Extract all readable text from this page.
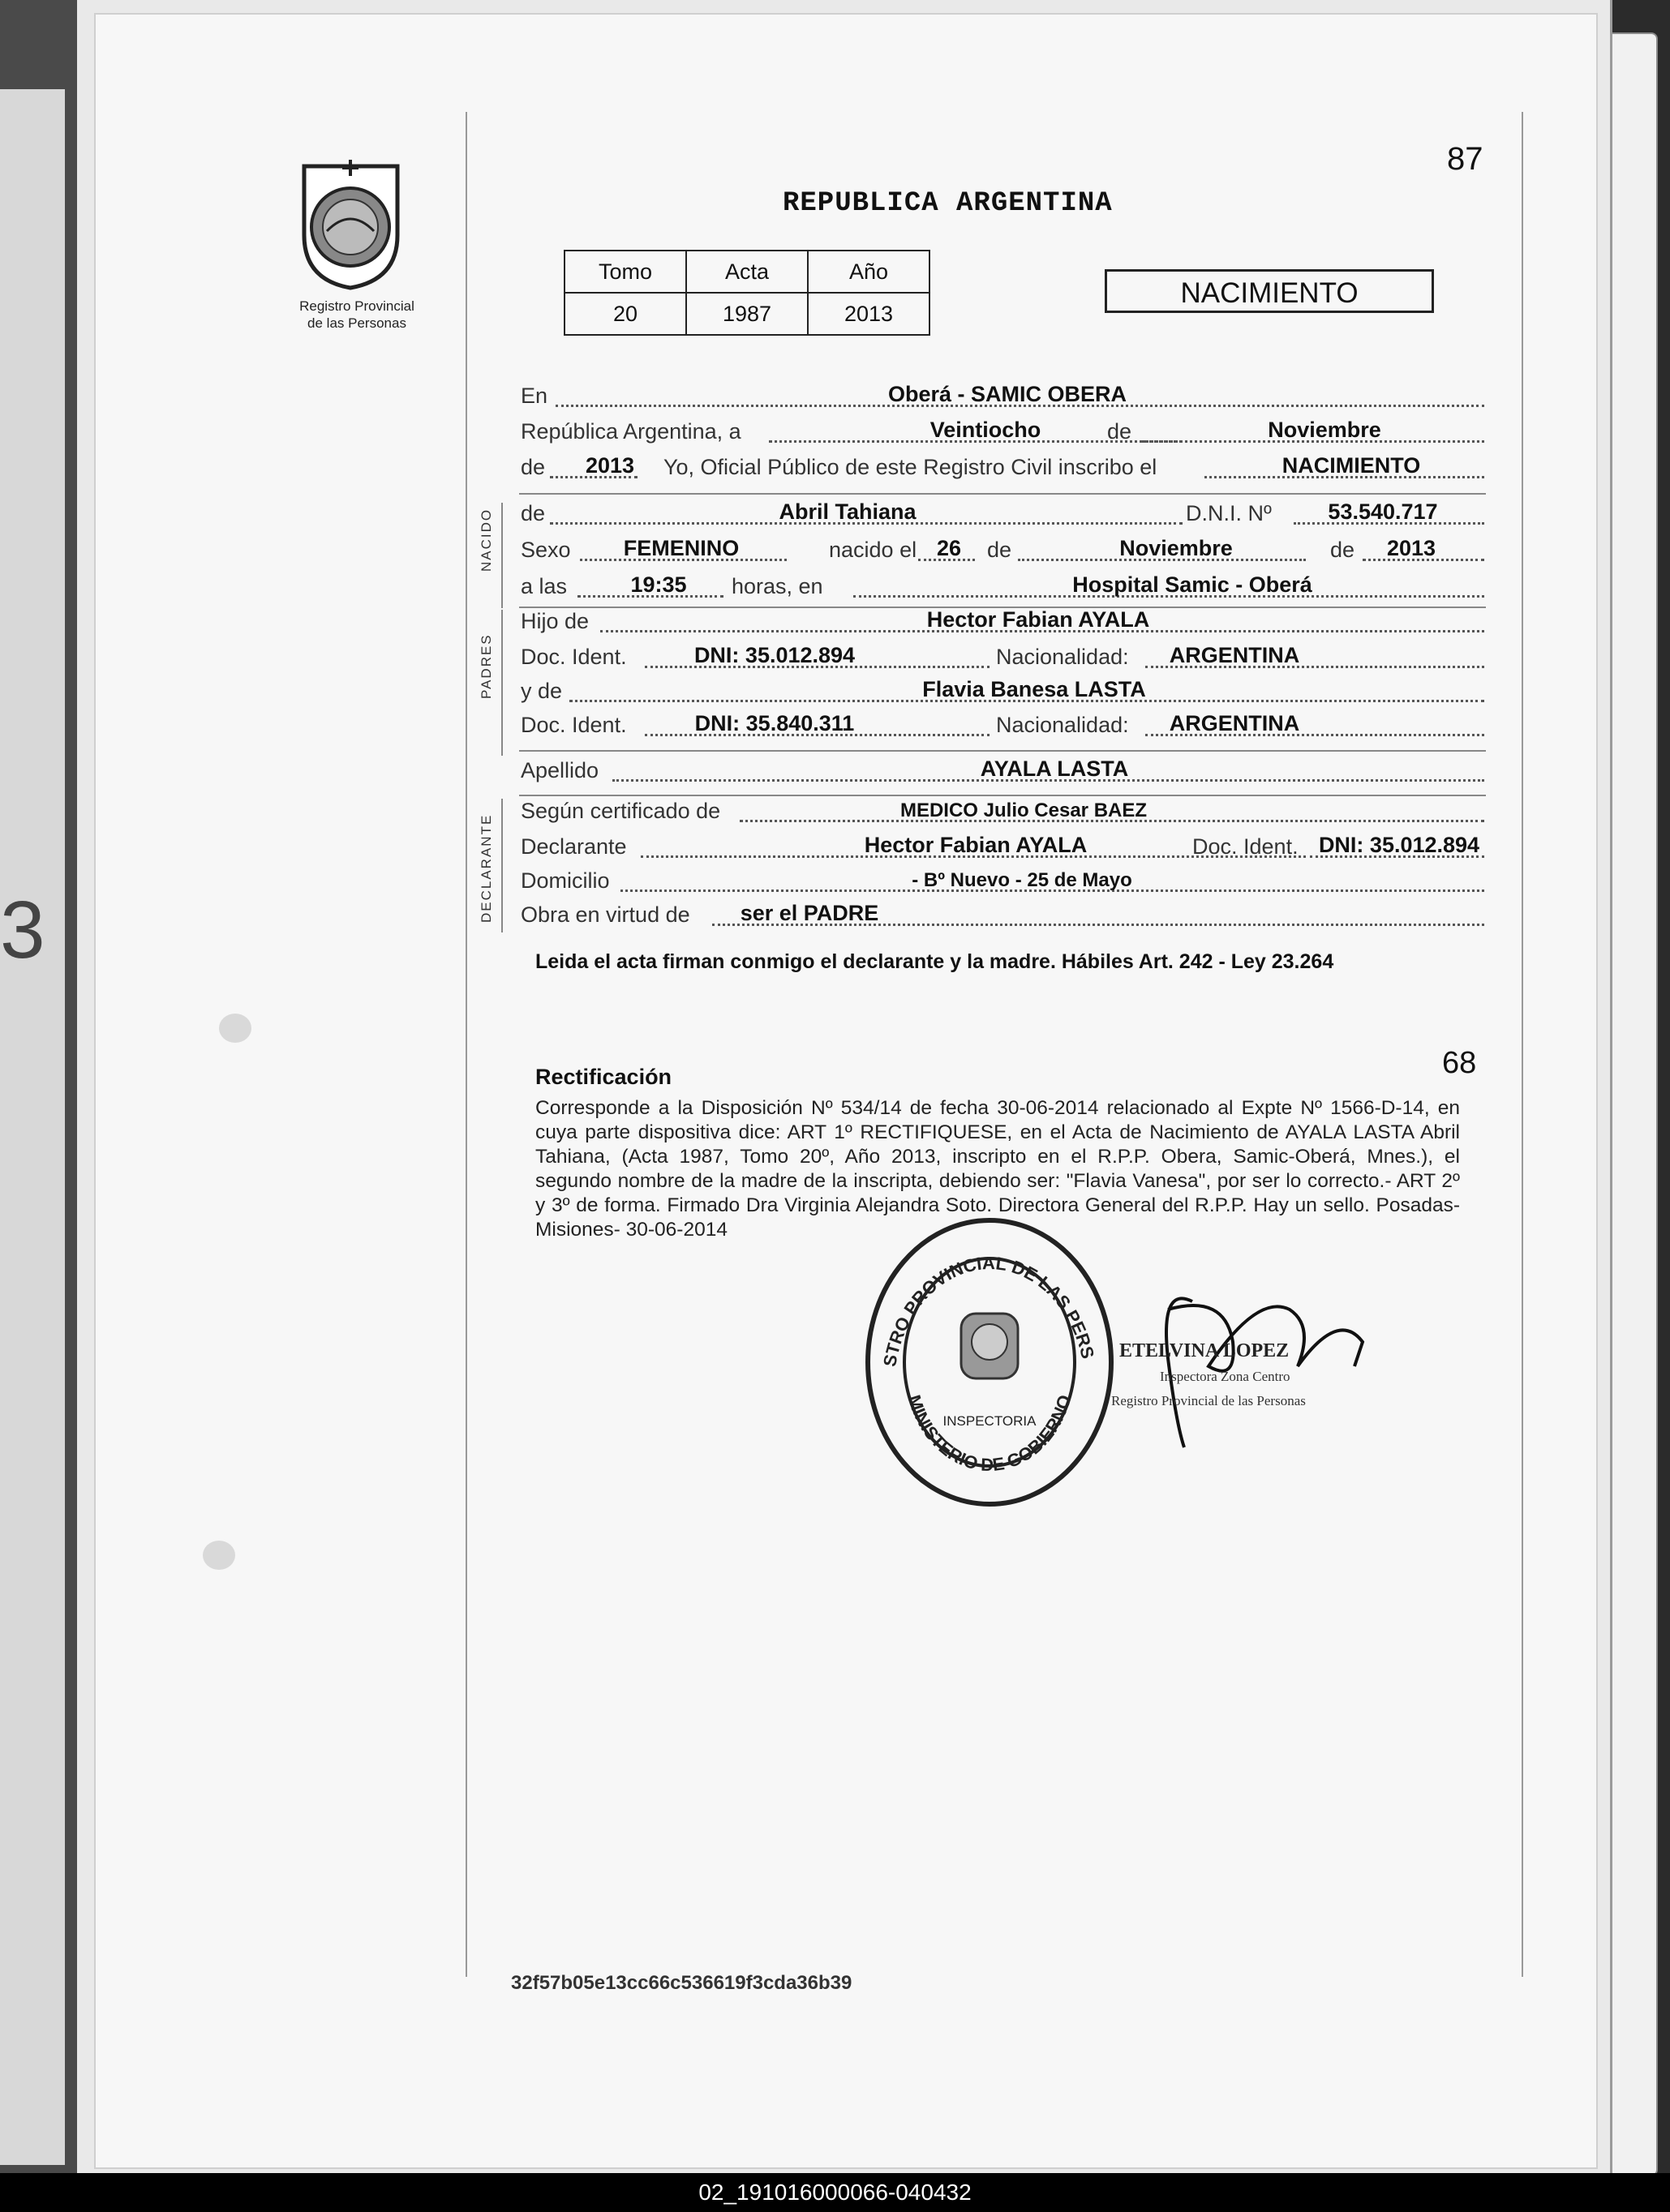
3
Registro Provincial
de las Personas
87
REPUBLICA ARGENTINA
Tomo	Acta	Año
20	1987	2013
NACIMIENTO
NACIDO
PADRES
DECLARANTE
En	Oberá - SAMIC OBERA
República Argentina, a	Veintiocho	de	Noviembre
de 2013 Yo, Oficial Público de este Registro Civil inscribo el	NACIMIENTO
de	Abril Tahiana	D.N.I. Nº	53.540.717
Sexo FEMENINO	nacido el 26 de	Noviembre	de 2013
a las	19:35 horas, en	Hospital Samic - Oberá
Hijo de	Hector Fabian AYALA
Doc. Ident.	DNI: 35.012.894	Nacionalidad: ARGENTINA
y de	Flavia Banesa LASTA
Doc. Ident.	DNI: 35.840.311	Nacionalidad: ARGENTINA
Apellido	AYALA LASTA
Según certificado de	MEDICO Julio Cesar BAEZ
Declarante	Hector Fabian AYALA	Doc. Ident. DNI: 35.012.894
Domicilio	- Bº Nuevo - 25 de Mayo
Obra en virtud de ser el PADRE
Leida el acta firman conmigo el declarante y la madre. Hábiles Art. 242 - Ley 23.264
68
Rectificación
Corresponde a la Disposición Nº 534/14 de fecha 30-06-2014 relacionado al Expte Nº 1566-D-14, en cuya parte dispositiva dice: ART 1º RECTIFIQUESE, en el Acta de Nacimiento de AYALA LASTA Abril Tahiana, (Acta 1987, Tomo 20º, Año 2013, inscripto en el R.P.P. Obera, Samic-Oberá, Mnes.), el segundo nombre de la madre de la inscripta, debiendo ser: "Flavia Vanesa", por ser lo correcto.- ART 2º y 3º de forma. Firmado Dra Virginia Alejandra Soto. Directora General del R.P.P. Hay un sello. Posadas- Misiones- 30-06-2014
STRO PROVINCIAL DE LAS PERS
MINISTERIO DE GOBIERNO
INSPECTORIA
ETELVINA LOPEZ
Inspectora Zona Centro
Registro Provincial de las Personas
32f57b05e13cc66c536619f3cda36b39
02_191016000066-040432
